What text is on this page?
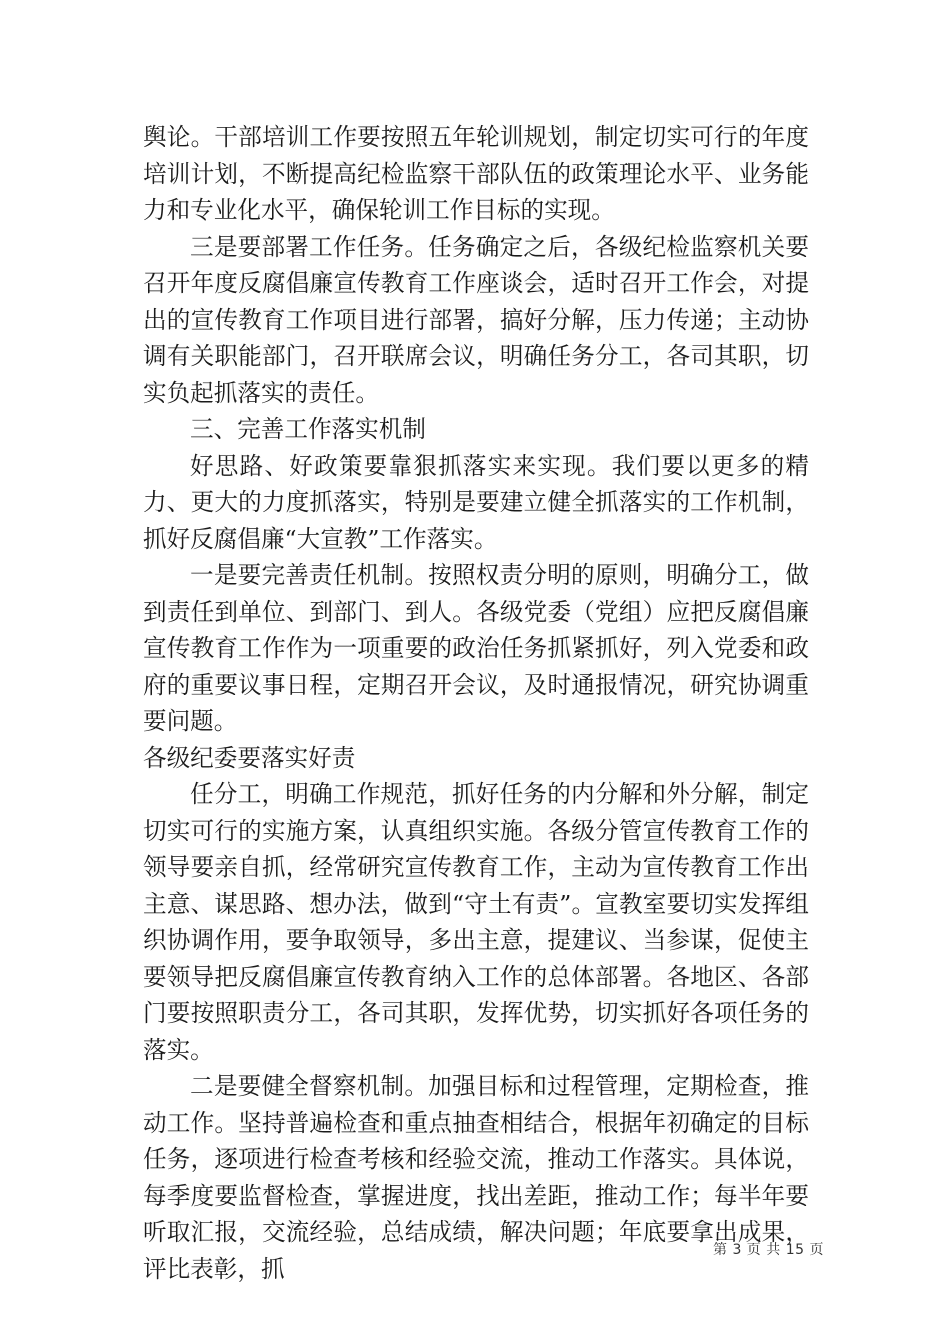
舆论。干部培训工作要按照五年轮训规划，制定切实可行的年度培训计划，不断提高纪检监察干部队伍的政策理论水平、业务能力和专业化水平，确保轮训工作目标的实现。

三是要部署工作任务。任务确定之后，各级纪检监察机关要召开年度反腐倡廉宣传教育工作座谈会，适时召开工作会，对提出的宣传教育工作项目进行部署，搞好分解，压力传递；主动协调有关职能部门，召开联席会议，明确任务分工，各司其职，切实负起抓落实的责任。

三、完善工作落实机制

好思路、好政策要靠狠抓落实来实现。我们要以更多的精力、更大的力度抓落实，特别是要建立健全抓落实的工作机制，抓好反腐倡廉“大宣教”工作落实。

一是要完善责任机制。按照权责分明的原则，明确分工，做到责任到单位、到部门、到人。各级党委（党组）应把反腐倡廉宣传教育工作作为一项重要的政治任务抓紧抓好，列入党委和政府的重要议事日程，定期召开会议，及时通报情况，研究协调重要问题。

各级纪委要落实好责

任分工，明确工作规范，抓好任务的内分解和外分解，制定切实可行的实施方案，认真组织实施。各级分管宣传教育工作的领导要亲自抓，经常研究宣传教育工作，主动为宣传教育工作出主意、谋思路、想办法，做到“守土有责”。宣教室要切实发挥组织协调作用，要争取领导，多出主意，提建议、当参谋，促使主要领导把反腐倡廉宣传教育纳入工作的总体部署。各地区、各部门要按照职责分工，各司其职，发挥优势，切实抓好各项任务的落实。

二是要健全督察机制。加强目标和过程管理，定期检查，推动工作。坚持普遍检查和重点抽查相结合，根据年初确定的目标任务，逐项进行检查考核和经验交流，推动工作落实。具体说，每季度要监督检查，掌握进度，找出差距，推动工作；每半年要听取汇报，交流经验，总结成绩，解决问题；年底要拿出成果，评比表彰，抓

第 3 页 共 15 页
